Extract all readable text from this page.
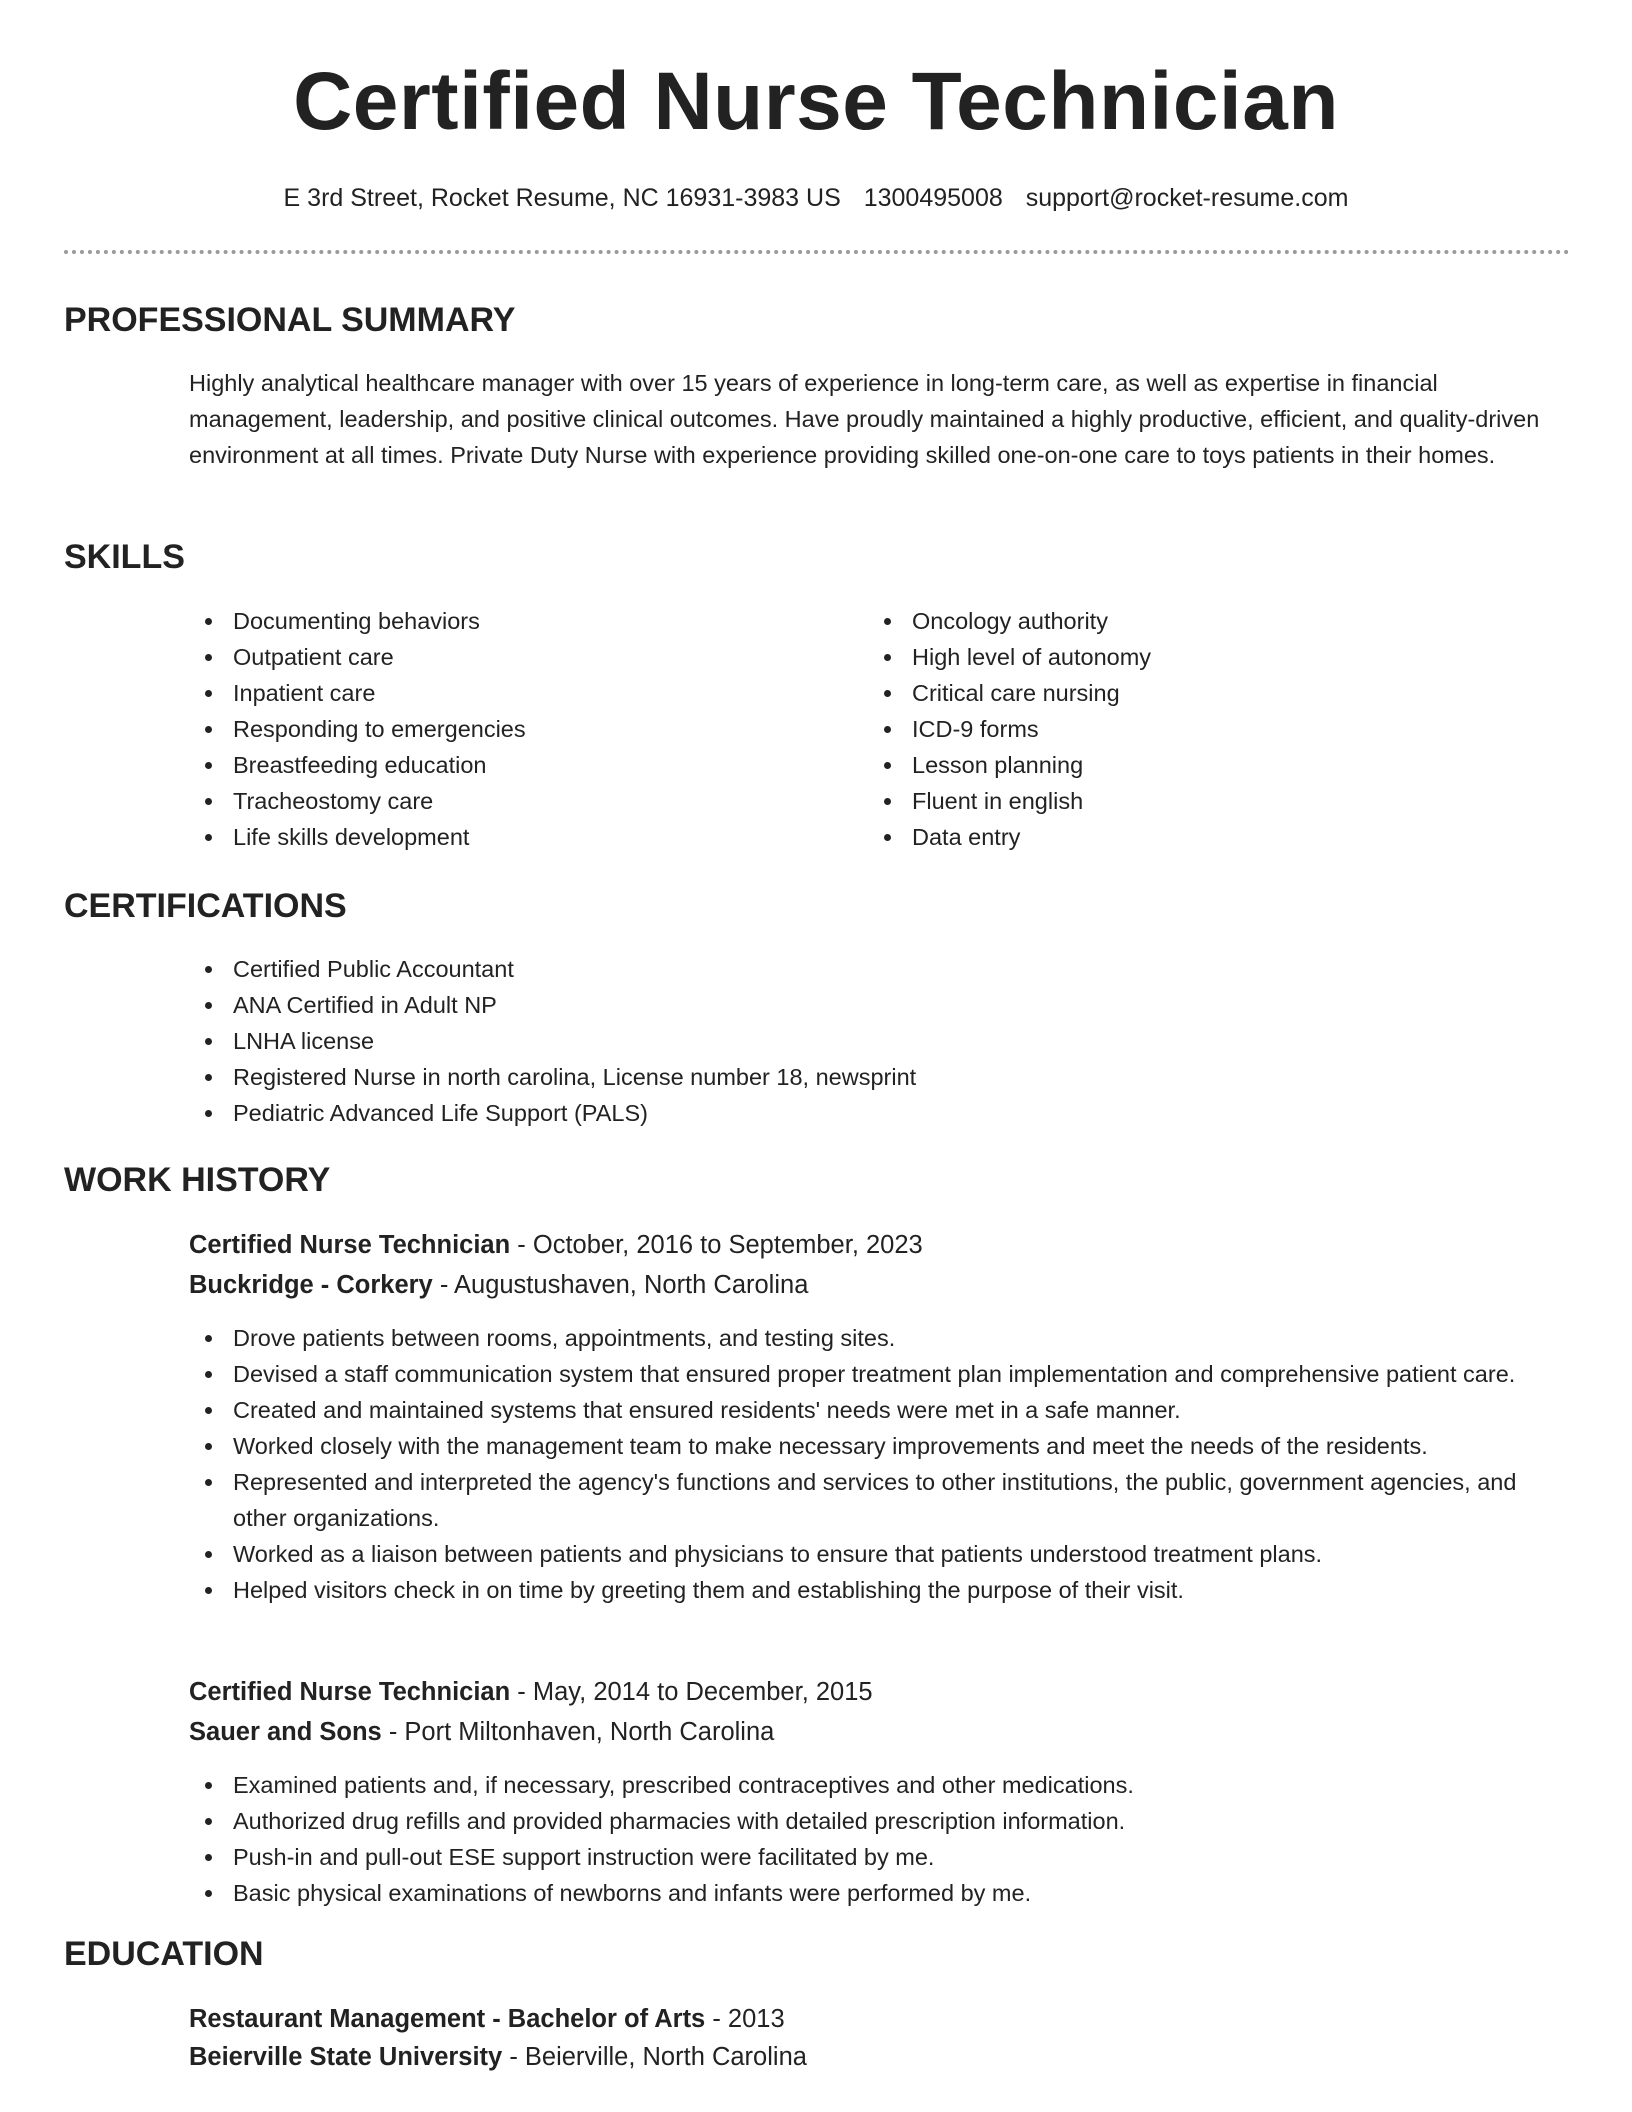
Certified Nurse Technician
E 3rd Street, Rocket Resume, NC 16931-3983 US 1300495008 support@rocket-resume.com
PROFESSIONAL SUMMARY

Highly analytical healthcare manager with over 15 years of experience in long-term care, as well as expertise in financial management, leadership, and positive clinical outcomes. Have proudly maintained a highly productive, efficient, and quality-driven environment at all times. Private Duty Nurse with experience providing skilled one-on-one care to toys patients in their homes.

SKILLS
Documenting behaviors
Outpatient care
Inpatient care
Responding to emergencies
Breastfeeding education
Tracheostomy care
Life skills development
Oncology authority
High level of autonomy
Critical care nursing
ICD-9 forms
Lesson planning
Fluent in english
Data entry
CERTIFICATIONS
Certified Public Accountant
ANA Certified in Adult NP
LNHA license
Registered Nurse in north carolina, License number 18, newsprint
Pediatric Advanced Life Support (PALS)
WORK HISTORY
Certified Nurse Technician - October, 2016 to September, 2023
Buckridge - Corkery - Augustushaven, North Carolina
Drove patients between rooms, appointments, and testing sites.
Devised a staff communication system that ensured proper treatment plan implementation and comprehensive patient care.
Created and maintained systems that ensured residents' needs were met in a safe manner.
Worked closely with the management team to make necessary improvements and meet the needs of the residents.
Represented and interpreted the agency's functions and services to other institutions, the public, government agencies, and other organizations.
Worked as a liaison between patients and physicians to ensure that patients understood treatment plans.
Helped visitors check in on time by greeting them and establishing the purpose of their visit.
Certified Nurse Technician - May, 2014 to December, 2015
Sauer and Sons - Port Miltonhaven, North Carolina
Examined patients and, if necessary, prescribed contraceptives and other medications.
Authorized drug refills and provided pharmacies with detailed prescription information.
Push-in and pull-out ESE support instruction were facilitated by me.
Basic physical examinations of newborns and infants were performed by me.
EDUCATION
Restaurant Management - Bachelor of Arts - 2013
Beierville State University - Beierville, North Carolina
